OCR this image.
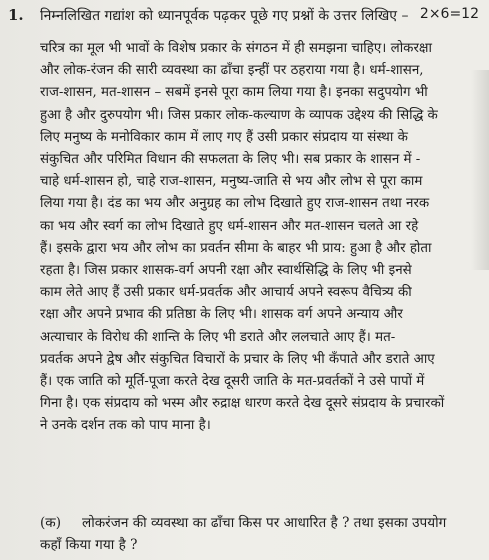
1. निम्नलिखित गद्यांश को ध्यानपूर्वक पढ़कर पूछे गए प्रश्नों के उत्तर लिखिए – 2×6=12
चरित्र का मूल भी भावों के विशेष प्रकार के संगठन में ही समझना चाहिए। लोकरक्षा
और लोक-रंजन की सारी व्यवस्था का ढाँचा इन्हीं पर ठहराया गया है। धर्म-शासन,
राज-शासन, मत-शासन – सबमें इनसे पूरा काम लिया गया है। इनका सदुपयोग भी
हुआ है और दुरुपयोग भी। जिस प्रकार लोक-कल्याण के व्यापक उद्देश्य की सिद्धि के
लिए मनुष्य के मनोविकार काम में लाए गए हैं उसी प्रकार संप्रदाय या संस्था के
संकुचित और परिमित विधान की सफलता के लिए भी। सब प्रकार के शासन में -
चाहे धर्म-शासन हो, चाहे राज-शासन, मनुष्य-जाति से भय और लोभ से पूरा काम
लिया गया है। दंड का भय और अनुग्रह का लोभ दिखाते हुए राज-शासन तथा नरक
का भय और स्वर्ग का लोभ दिखाते हुए धर्म-शासन और मत-शासन चलते आ रहे
हैं। इसके द्वारा भय और लोभ का प्रवर्तन सीमा के बाहर भी प्राय: हुआ है और होता
रहता है। जिस प्रकार शासक-वर्ग अपनी रक्षा और स्वार्थसिद्धि के लिए भी इनसे
काम लेते आए हैं उसी प्रकार धर्म-प्रवर्तक और आचार्य अपने स्वरूप वैचित्र्य की
रक्षा और अपने प्रभाव की प्रतिष्ठा के लिए भी। शासक वर्ग अपने अन्याय और
अत्याचार के विरोध की शान्ति के लिए भी डराते और ललचाते आए हैं। मत-
प्रवर्तक अपने द्वेष और संकुचित विचारों के प्रचार के लिए भी कँपाते और डराते आए
हैं। एक जाति को मूर्ति-पूजा करते देख दूसरी जाति के मत-प्रवर्तकों ने उसे पापों में
गिना है। एक संप्रदाय को भस्म और रुद्राक्ष धारण करते देख दूसरे संप्रदाय के प्रचारकों
ने उनके दर्शन तक को पाप माना है।
(क) लोकरंजन की व्यवस्था का ढाँचा किस पर आधारित है ? तथा इसका उपयोग
कहाँ किया गया है ?
